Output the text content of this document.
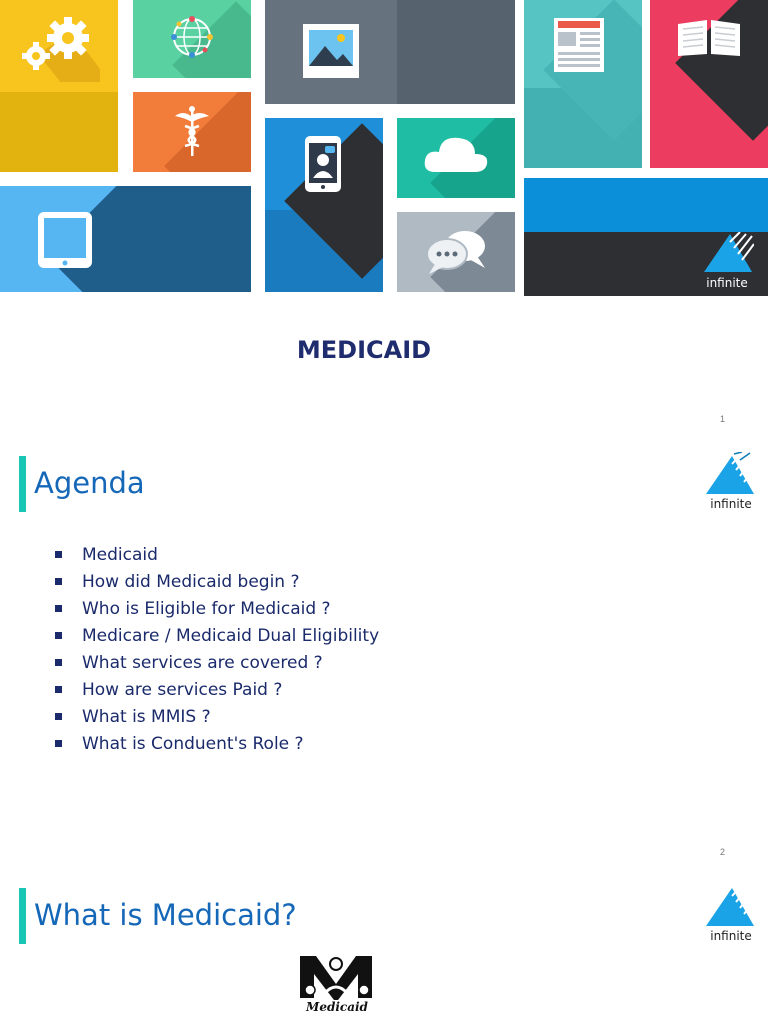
infinite
MEDICAID
1
Agenda
infinite
Medicaid
How did Medicaid begin ?
Who is Eligible for Medicaid ?
Medicare / Medicaid Dual Eligibility
What services are covered ?
How are services Paid ?
What is MMIS ?
What is Conduent's Role ?
2
What is Medicaid?
infinite
Medicaid
